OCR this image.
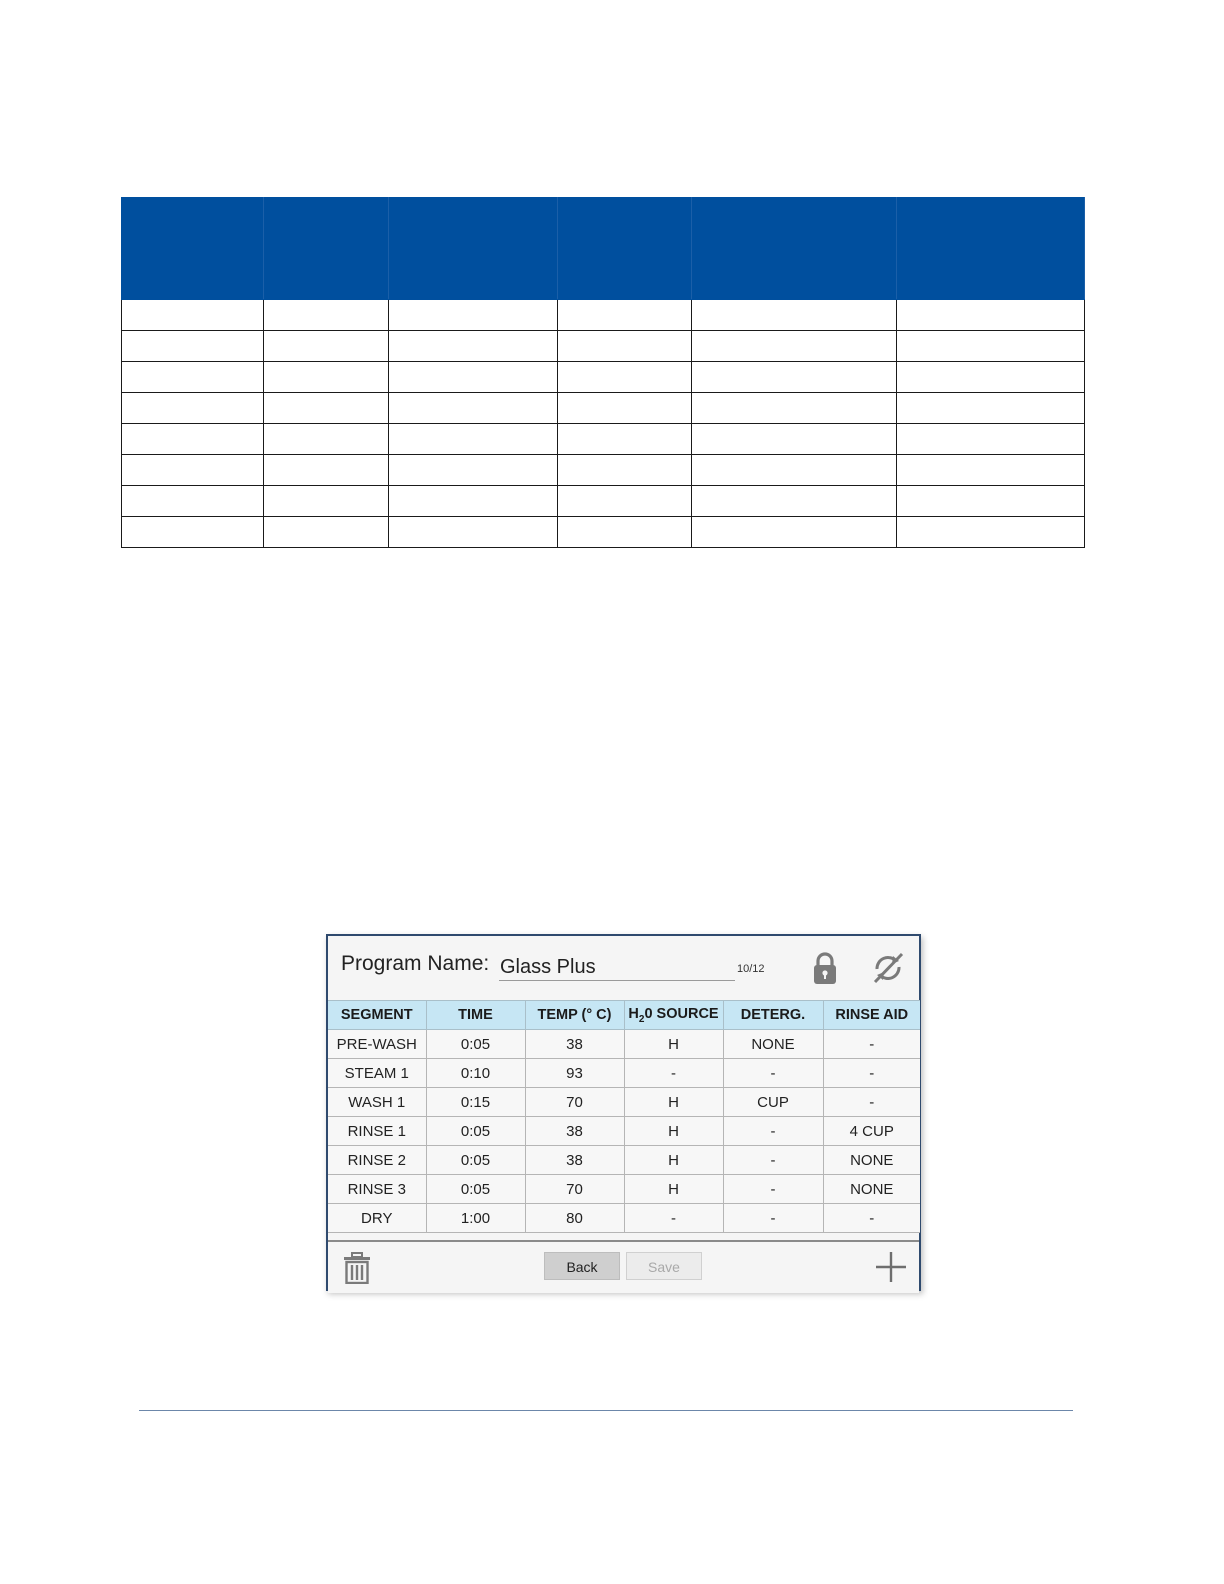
Program Name: Glass Plus	10/12
SEGMENT	TIME	TEMP (° C)	$H_20$ SOURCE	DETERG.	RINSE AID
PRE-WASH	0:05	38	H	NONE	-
STEAM 1	0:10	93	-	-	-
WASH 1	0:15	70	H	CUP	-
RINSE 1	0:05	38	H	-	4 CUP
RINSE 2	0:05	38	H	-	NONE
RINSE 3	0:05	70	H	-	NONE
DRY	1:00	80	-	-	-
Back	Save
